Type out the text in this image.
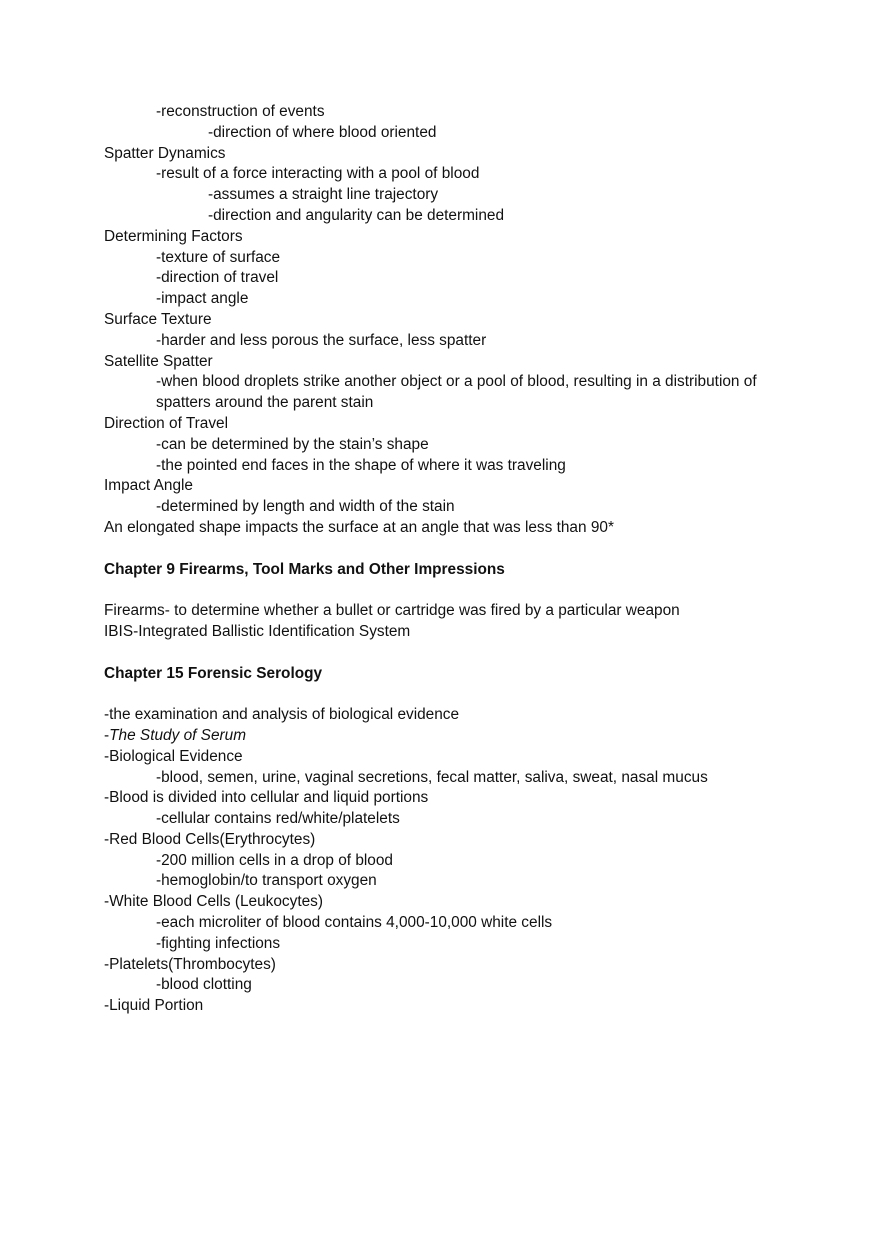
-reconstruction of events
-direction of where blood oriented
Spatter Dynamics
-result of a force interacting with a pool of blood
-assumes a straight line trajectory
-direction and angularity can be determined
Determining Factors
-texture of surface
-direction of travel
-impact angle
Surface Texture
-harder and less porous the surface, less spatter
Satellite Spatter
-when blood droplets strike another object or a pool of blood, resulting in a distribution of spatters around the parent stain
Direction of Travel
-can be determined by the stain’s shape
-the pointed end faces in the shape of where it was traveling
Impact Angle
-determined by length and width of the stain
An elongated shape impacts the surface at an angle that was less than 90*
Chapter 9 Firearms, Tool Marks and Other Impressions
Firearms- to determine whether a bullet or cartridge was fired by a particular weapon
IBIS-Integrated Ballistic Identification System
Chapter 15 Forensic Serology
-the examination and analysis of biological evidence
-The Study of Serum
-Biological Evidence
-blood, semen, urine, vaginal secretions, fecal matter, saliva, sweat, nasal mucus
-Blood is divided into cellular and liquid portions
-cellular contains red/white/platelets
-Red Blood Cells(Erythrocytes)
-200 million cells in a drop of blood
-hemoglobin/to transport oxygen
-White Blood Cells (Leukocytes)
-each microliter of blood contains 4,000-10,000 white cells
-fighting infections
-Platelets(Thrombocytes)
-blood clotting
-Liquid Portion
